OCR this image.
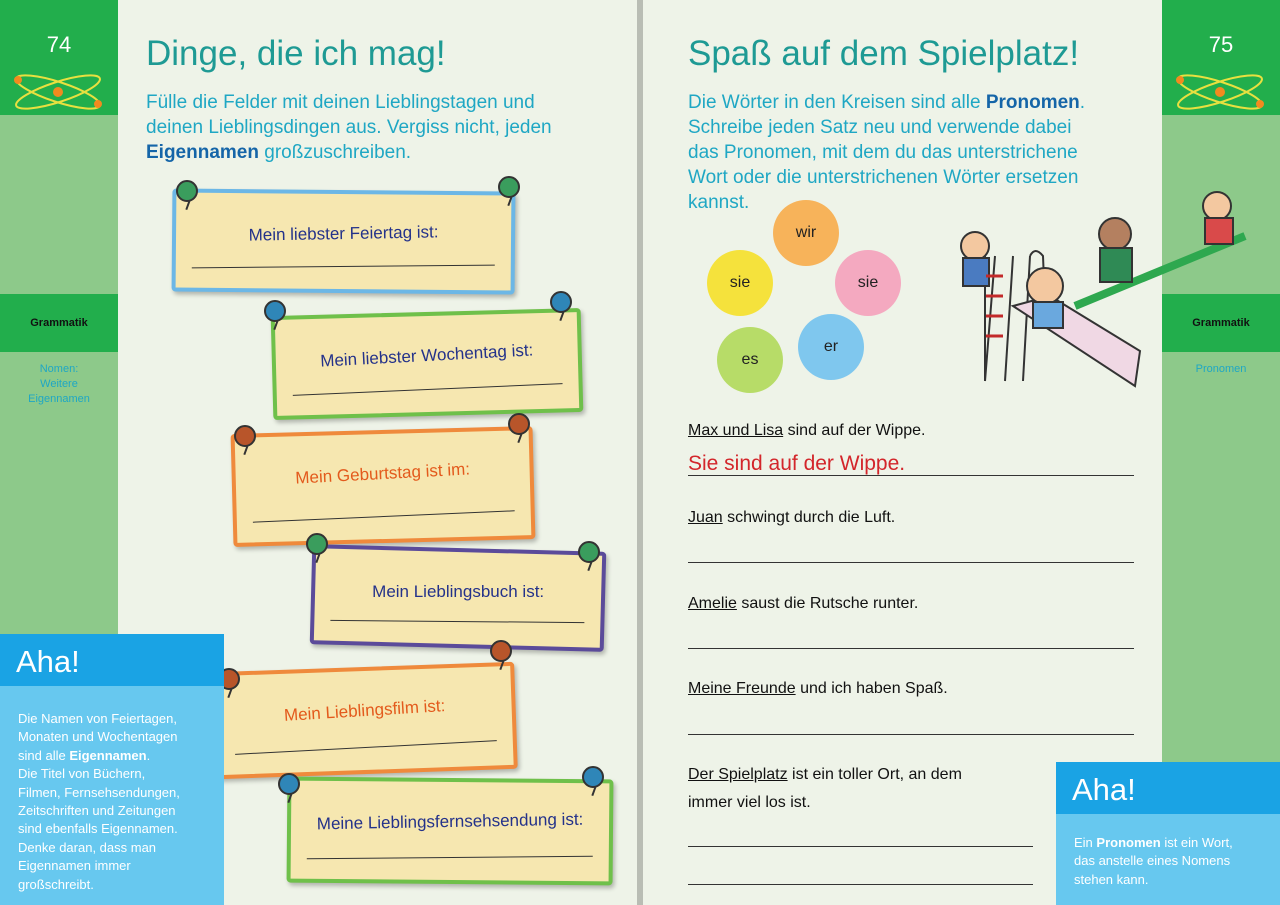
74
Grammatik
Nomen:
Weitere
Eigennamen
Dinge, die ich mag!
Fülle die Felder mit deinen Lieblingstagen und
deinen Lieblingsdingen aus. Vergiss nicht, jeden
Eigennamen großzuschreiben.
Mein liebster Feiertag ist:
Mein liebster Wochentag ist:
Mein Geburtstag ist im:
Mein Lieblingsbuch ist:
Mein Lieblingsfilm ist:
Meine Lieblingsfernsehsendung ist:
Aha!
Die Namen von Feiertagen,
Monaten und Wochentagen
sind alle Eigennamen.
Die Titel von Büchern,
Filmen, Fernsehsendungen,
Zeitschriften und Zeitungen
sind ebenfalls Eigennamen.
Denke daran, dass man
Eigennamen immer
großschreibt.
75
Grammatik
Pronomen
Spaß auf dem Spielplatz!
Die Wörter in den Kreisen sind alle Pronomen.
Schreibe jeden Satz neu und verwende dabei
das Pronomen, mit dem du das unterstrichene
Wort oder die unterstrichenen Wörter ersetzen
kannst.
wir
sie	sie
er
es
Max und Lisa sind auf der Wippe.
Sie sind auf der Wippe.
Juan schwingt durch die Luft.
Amelie saust die Rutsche runter.
Meine Freunde und ich haben Spaß.
Der Spielplatz ist ein toller Ort, an dem
immer viel los ist.	Aha!
Ein Pronomen ist ein Wort,
das anstelle eines Nomens
stehen kann.
